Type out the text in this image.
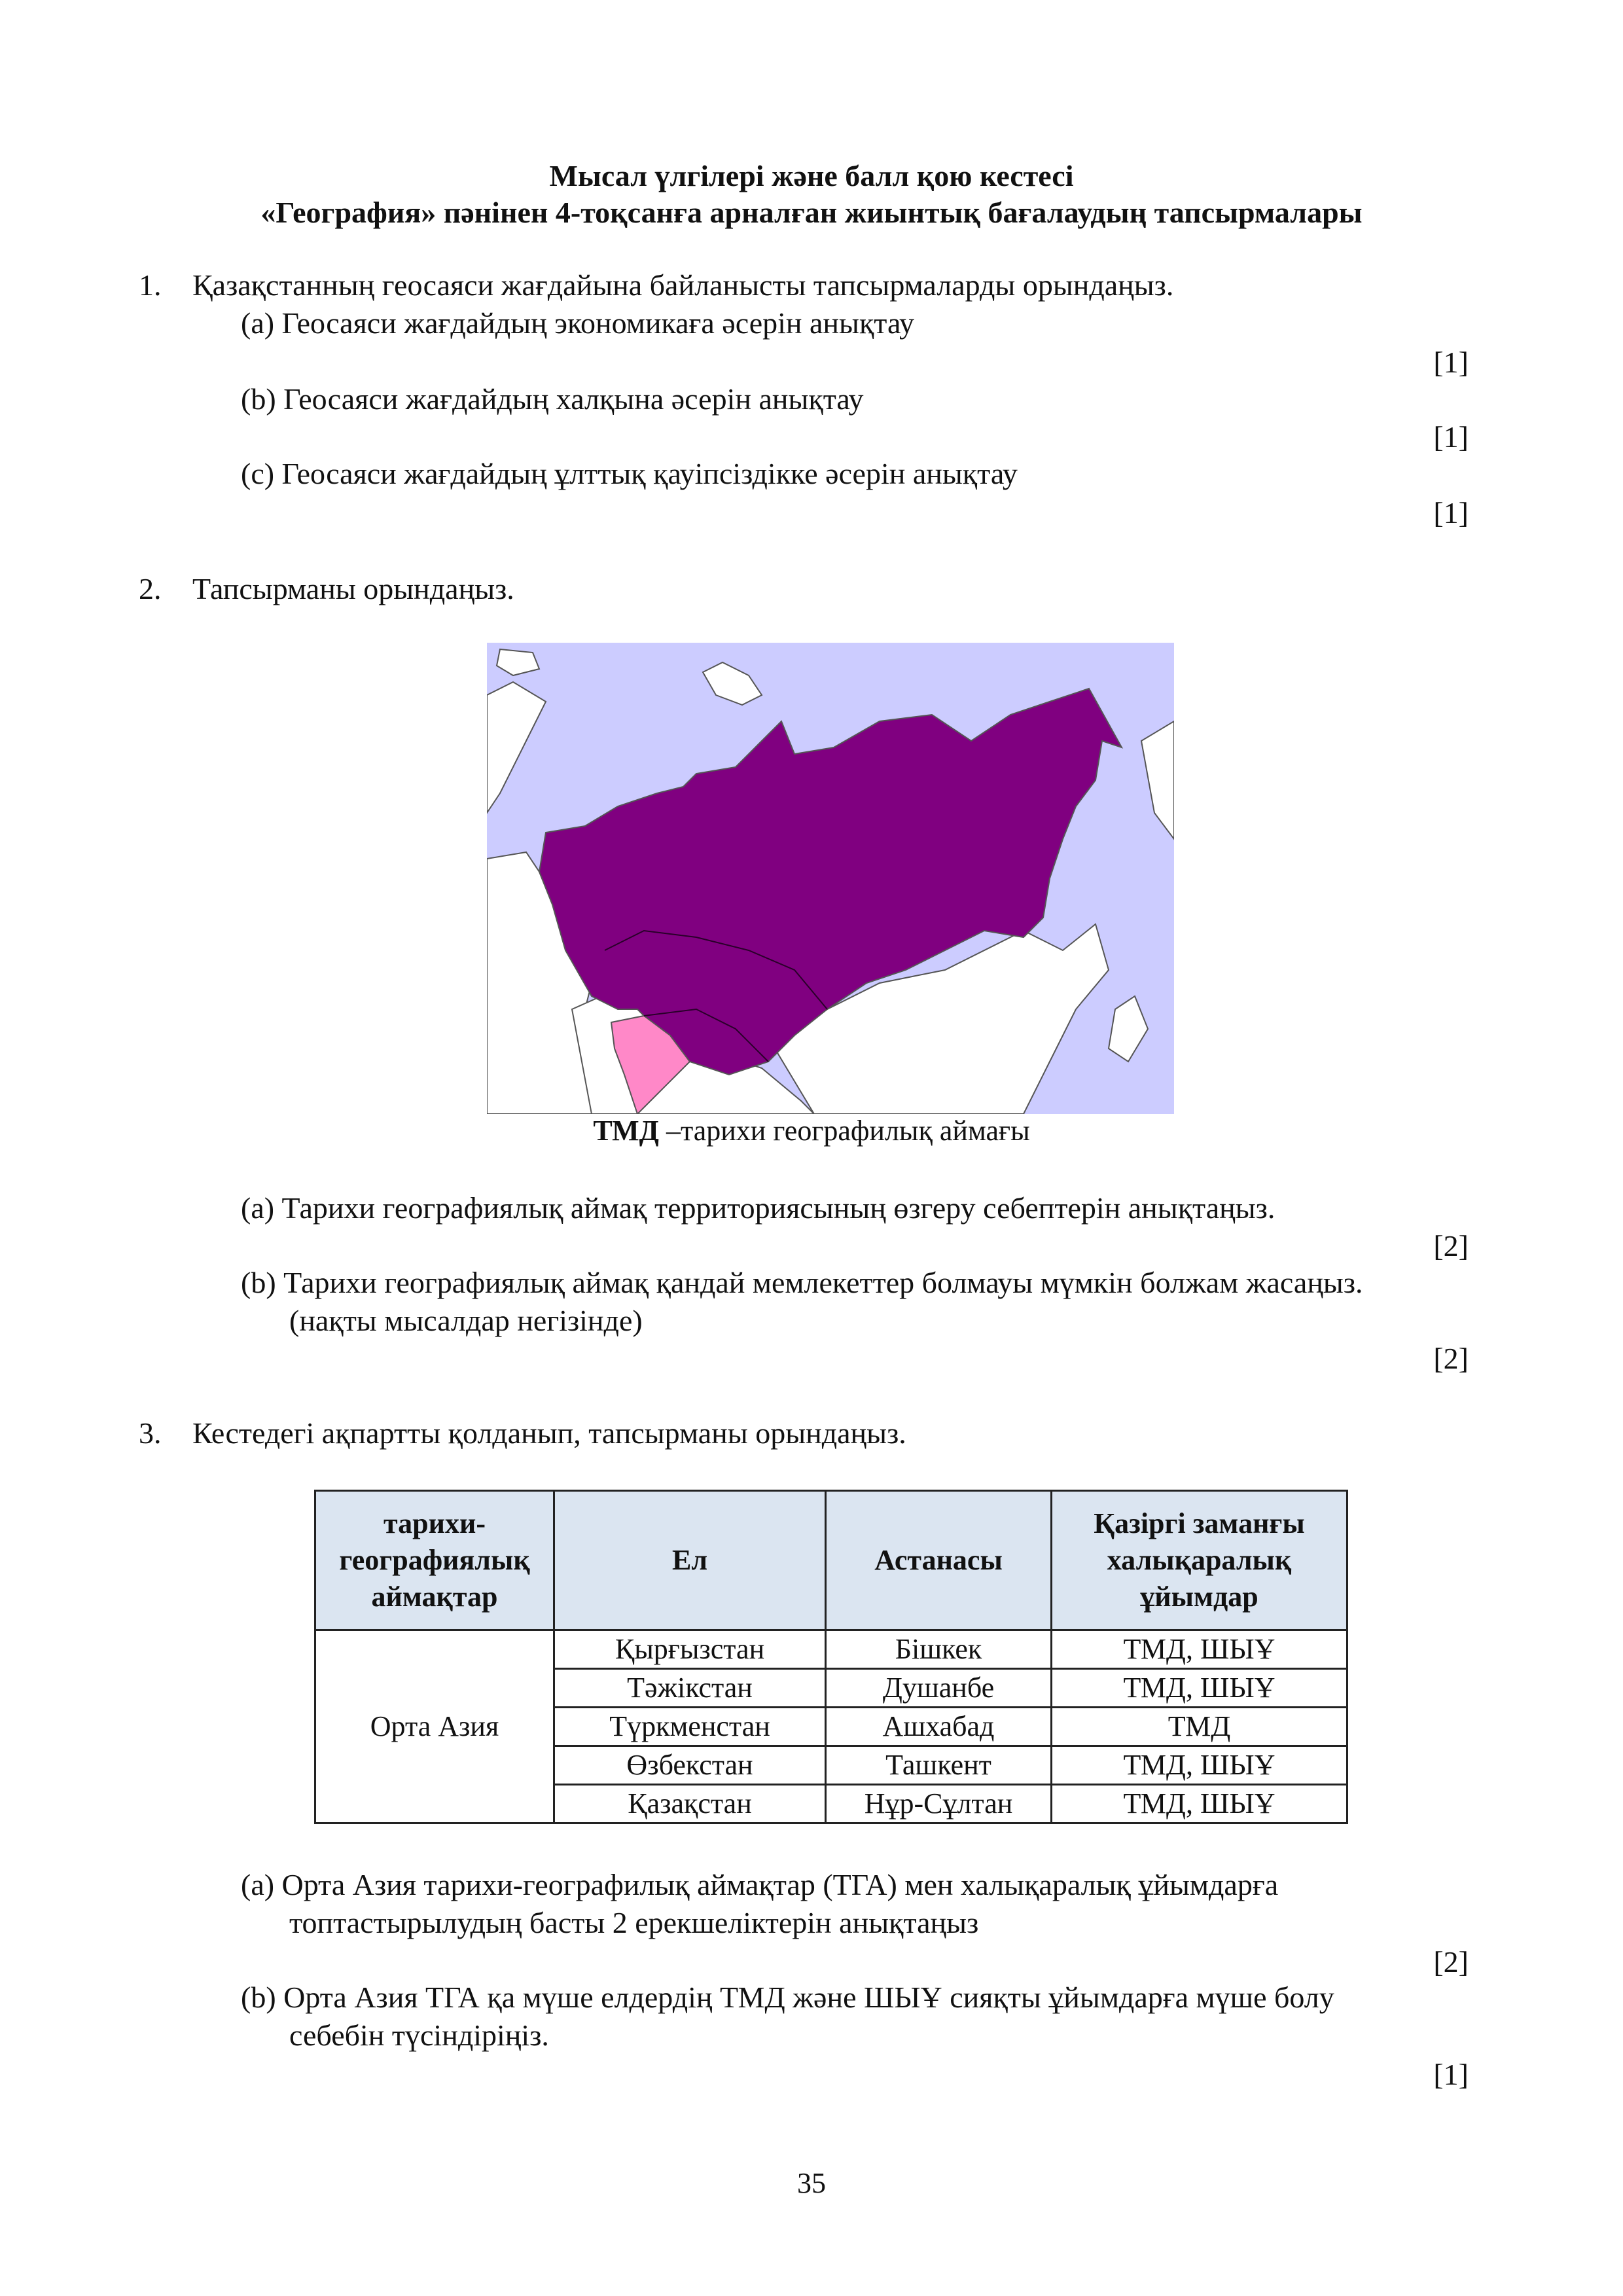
Мысал үлгілері және балл қою кестесі
«География» пәнінен 4-тоқсанға арналған жиынтық бағалаудың тапсырмалары
1. Қазақстанның геосаяси жағдайына байланысты тапсырмаларды орындаңыз.
(a) Геосаяси жағдайдың экономикаға әсерін анықтау
[1]
(b) Геосаяси жағдайдың халқына әсерін анықтау
[1]
(c) Геосаяси жағдайдың ұлттық қауіпсіздікке әсерін анықтау
[1]
2. Тапсырманы орындаңыз.
ТМД –тарихи географилық аймағы
(a) Тарихи географиялық аймақ территориясының өзгеру себептерін анықтаңыз.
[2]
(b) Тарихи географиялық аймақ қандай мемлекеттер болмауы мүмкін болжам жасаңыз.
(нақты мысалдар негізінде)
[2]
3. Кестедегі ақпартты қолданып, тапсырманы орындаңыз.
тарихи-
географиялық
аймақтар	Ел	Астанасы	Қазіргі заманғы
халықаралық
ұйымдар
Орта Азия	Қырғызстан	Бішкек	ТМД, ШЫҰ
	Тәжікстан	Душанбе	ТМД, ШЫҰ
	Түркменстан	Ашхабад	ТМД
	Өзбекстан	Ташкент	ТМД, ШЫҰ
	Қазақстан	Нұр-Сұлтан	ТМД, ШЫҰ
(a) Орта Азия тарихи-географилық аймақтар (ТГА) мен халықаралық ұйымдарға
топтастырылудың басты 2 ерекшеліктерін анықтаңыз
[2]
(b) Орта Азия ТГА қа мүше елдердің ТМД және ШЫҰ сияқты ұйымдарға мүше болу
себебін түсіндіріңіз.
[1]
35
